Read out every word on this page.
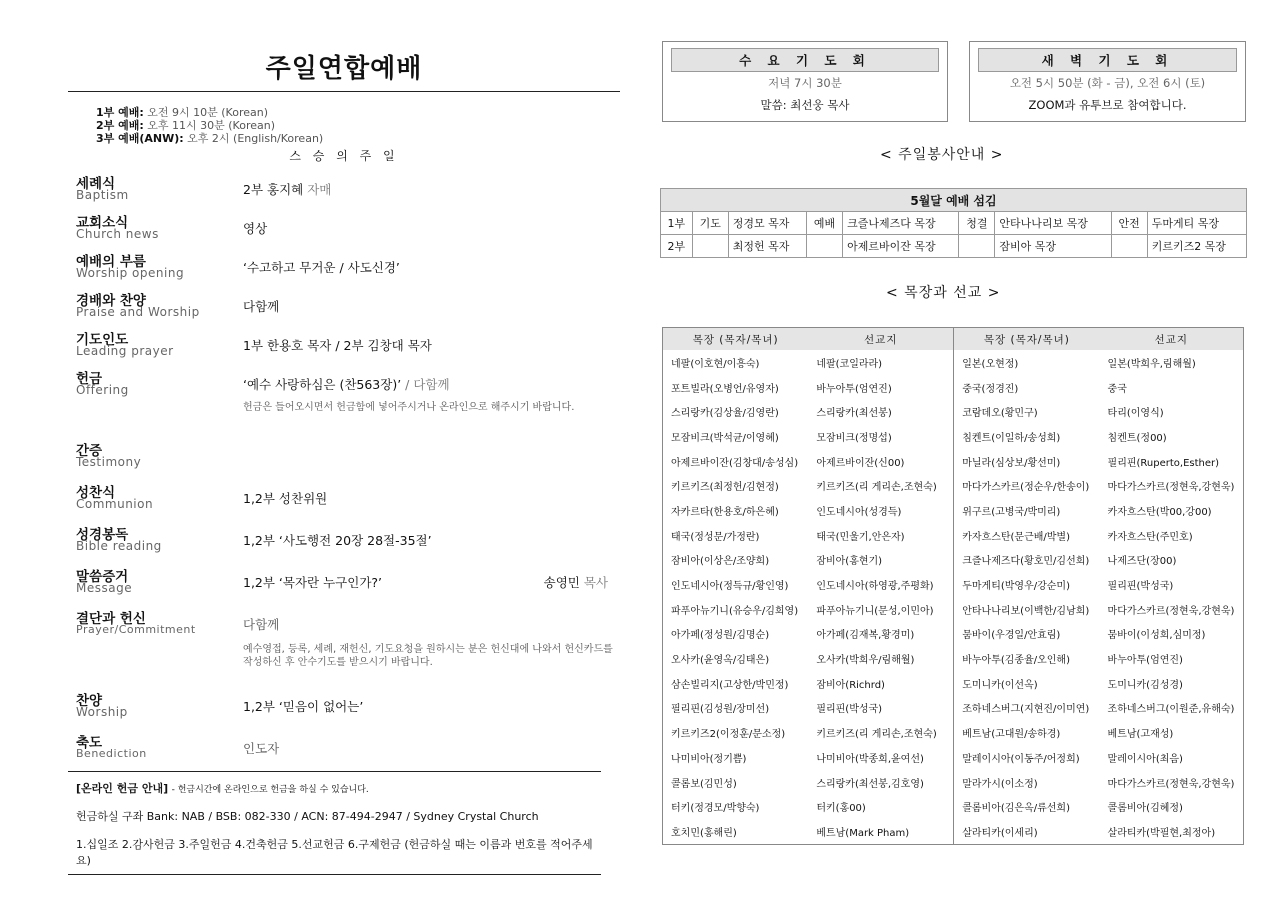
주일연합예배
1부 예배: 오전 9시 10분 (Korean)
2부 예배: 오후 11시 30분 (Korean)
3부 예배(ANW): 오후 2시 (English/Korean)
스 승 의 주 일
세례식
Baptism	2부 홍지혜 자매
교회소식
Church news	영상
예배의 부름
Worship opening	‘수고하고 무거운 / 사도신경’
경배와 찬양
Praise and Worship	다함께
기도인도
Leading prayer	1부 한용호 목자 / 2부 김창대 목자
헌금
Offering	‘예수 사랑하심은 (찬563장)’ / 다함께
헌금은 들어오시면서 헌금함에 넣어주시거나 온라인으로 해주시기 바랍니다.
간증
Testimony
성찬식
Communion	1,2부 성찬위원
성경봉독
Bible reading	1,2부 ‘사도행전 20장 28절-35절’
말씀증거
Message	1,2부 ‘목자란 누구인가?’	송영민 목사
결단과 헌신
Prayer/Commitment	다함께
예수영접, 등록, 세례, 재헌신, 기도요청을 원하시는 분은 헌신대에 나와서 헌신카드를 작성하신 후 안수기도를 받으시기 바랍니다.
찬양
Worship	1,2부 ‘믿음이 없어는’
축도
Benediction	인도자
[온라인 헌금 안내] - 헌금시간에 온라인으로 헌금을 하실 수 있습니다.
헌금하실 구좌 Bank: NAB / BSB: 082-330 / ACN: 87-494-2947 / Sydney Crystal Church
1.십일조 2.감사헌금 3.주일헌금 4.건축헌금 5.선교헌금 6.구제헌금 (헌금하실 때는 이름과 번호를 적어주세요)
수 요 기 도 회
저녁 7시 30분
말씀: 최선웅 목사
새 벽 기 도 회
오전 5시 50분 (화 - 금), 오전 6시 (토)
ZOOM과 유투브로 참여합니다.
< 주일봉사안내 >
5월달 예배 섬김								
1부	기도	정경모 목자	예배	크즐나제즈다 목장	청결	안타나나리보 목장	안전	두마게티 목장
2부		최정헌 목자		아제르바이잔 목장		잠비아 목장		키르키즈2 목장
< 목장과 선교 >
목장 (목자/목녀)	선교지	목장 (목자/목녀)	선교지
네팔(이호현/이흥숙)	네팔(코일라라)	일본(오현정)	일본(박희우,림해월)
포트빌라(오병언/유영자)	바누아투(엄연진)	중국(정경진)	중국
스리랑카(김상율/김영란)	스리랑카(최선봉)	코람데오(황민구)	타리(이영식)
모잠비크(박석균/이영혜)	모잠비크(정명섭)	침켄트(이일하/송성희)	침켄트(정00)
아제르바이잔(김창대/송성심)	아제르바이잔(신00)	마닐라(심상보/황선미)	필리핀(Ruperto,Esther)
키르키즈(최정헌/김현정)	키르키즈(리 게리손,조현숙)	마다가스카르(정순우/한송이)	마다가스카르(정현욱,강현욱)
자카르타(한용호/하은혜)	인도네시아(성경득)	위구르(고병국/박미리)	카자흐스탄(박00,강00)
태국(정성문/가정란)	태국(민울기,안은자)	카자흐스탄(문근배/박별)	카자흐스탄(주민호)
잠비아(이상은/조양희)	잠비아(홍현기)	크즐나제즈다(황호민/김선희)	나제즈단(장00)
인도네시아(정득규/황인영)	인도네시아(하영광,주평화)	두마게티(박영우/강순미)	필리핀(박성국)
파푸아뉴기니(유승우/김희영)	파푸아뉴기니(문성,이민아)	안타나나리보(이백한/김남희)	마다가스카르(정현욱,강현욱)
아가페(정성원/김명순)	아가페(김재복,황경미)	뭄바이(우경일/안효림)	뭄바이(이성희,심미정)
오사카(윤영옥/김태은)	오사카(박희우/림해월)	바누아투(김종율/오인해)	바누아투(엄연진)
삼손빌리지(고상한/박민정)	잠비아(Richrd)	도미니카(이선옥)	도미니카(김성경)
필리핀(김성원/장미선)	필리핀(박성국)	조하네스버그(지현진/이미연)	조하네스버그(이원준,유해숙)
키르키즈2(이정훈/문소정)	키르키즈(리 게리손,조현숙)	베트남(고대원/송하경)	베트남(고재성)
나미비아(정기쁨)	나미비아(박종희,윤여선)	말레이시아(이동주/어정희)	말레이시아(최음)
콜롬보(김민성)	스리랑카(최선봉,김호영)	말라가시(이소정)	마다가스카르(정현욱,강현욱)
터키(정경모/박향숙)	터키(홍00)	콜롬비아(김은옥/류선희)	콜롬비아(김혜정)
호치민(홍해린)	베트남(Mark Pham)	살라티카(이세리)	살라티카(박필현,최정아)
